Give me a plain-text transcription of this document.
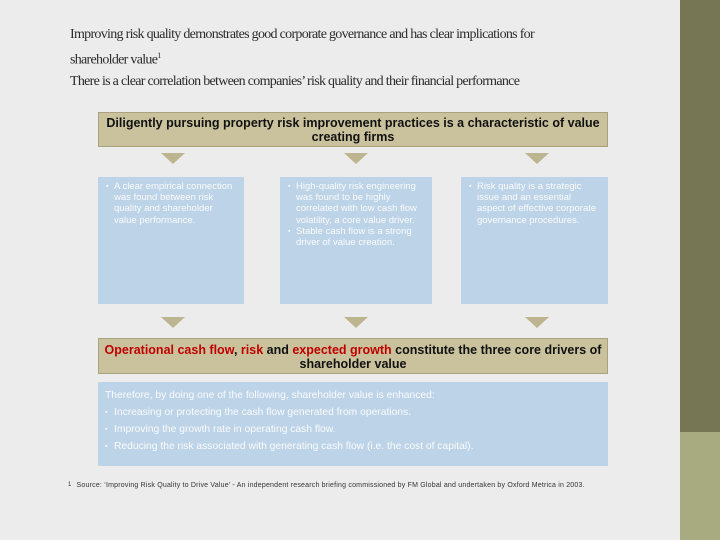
Improving risk quality demonstrates good corporate governance and has clear implications for
shareholder value$^1$
There is a clear correlation between companies’ risk quality and their financial performance
Diligently pursuing property risk improvement practices is a characteristic of value creating firms
▪ A clear empirical connection was found between risk quality and shareholder value performance.
▪ High-quality risk engineering was found to be highly correlated with low cash flow volatility, a core value driver.
▪ Stable cash flow is a strong driver of value creation.
▪ Risk quality is a strategic issue and an essential aspect of effective corporate governance procedures.
Operational cash flow, risk and expected growth constitute the three core drivers of shareholder value
Therefore, by doing one of the following, shareholder value is enhanced:
▪ Increasing or protecting the cash flow generated from operations.
▪ Improving the growth rate in operating cash flow.
▪ Reducing the risk associated with generating cash flow (i.e. the cost of capital).
1 Source: ‘Improving Risk Quality to Drive Value’ - An independent research briefing commissioned by FM Global and undertaken by Oxford Metrica in 2003.
